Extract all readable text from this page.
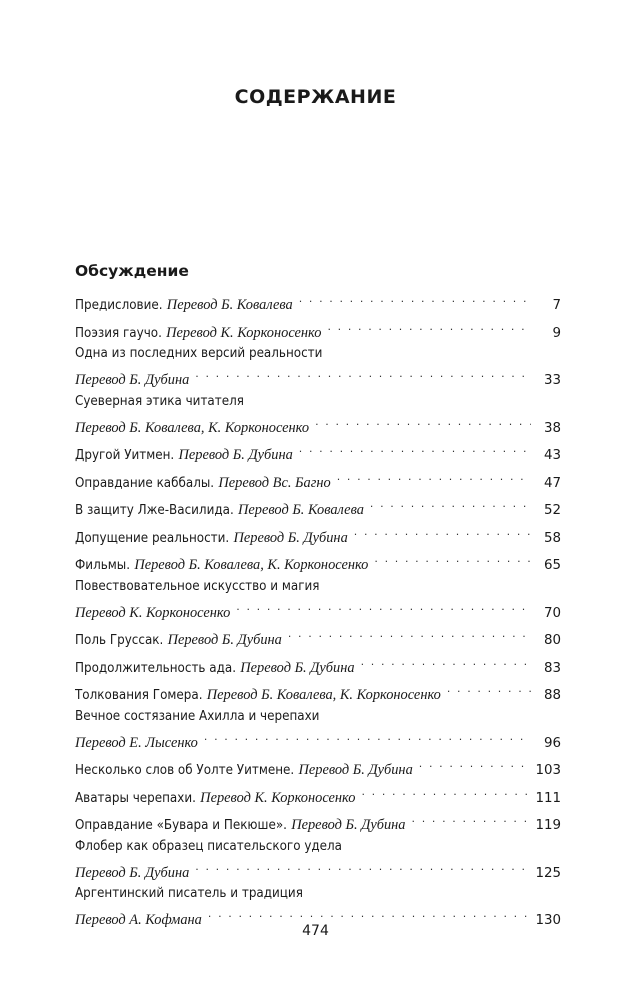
СОДЕРЖАНИЕ
Обсуждение
Предисловие.
Перевод Б. Ковалева . . .	7
Поэзия гаучо.
Перевод К. Корконосенко . . .	9
Одна из последних версий реальности
Перевод Б. Дубина . . .	33
Суеверная этика читателя
Перевод Б. Ковалева, К. Корконосенко . . .	38
Другой Уитмен.
Перевод Б. Дубина . . .	43
Оправдание каббалы.
Перевод Вс. Багно . . .	47
В защиту Лже-Василида.
Перевод Б. Ковалева . . .	52
Допущение реальности.
Перевод Б. Дубина . . .	58
Фильмы.
Перевод Б. Ковалева, К. Корконосенко . . .	65
Повествовательное искусство и магия
Перевод К. Корконосенко . . .	70
Поль Груссак.
Перевод Б. Дубина . . .	80
Продолжительность ада.
Перевод Б. Дубина . . .	83
Толкования Гомера.
Перевод Б. Ковалева, К. Корконосенко . . .	88
Вечное состязание Ахилла и черепахи
Перевод Е. Лысенко . . .	96
Несколько слов об Уолте Уитмене.
Перевод Б. Дубина . . .	103
Аватары черепахи.
Перевод К. Корконосенко . . .	111
Оправдание «Бувара и Пекюше».
Перевод Б. Дубина . . .	119
Флобер как образец писательского удела
Перевод Б. Дубина . . .	125
Аргентинский писатель и традиция
Перевод А. Кофмана . . .	130
474
